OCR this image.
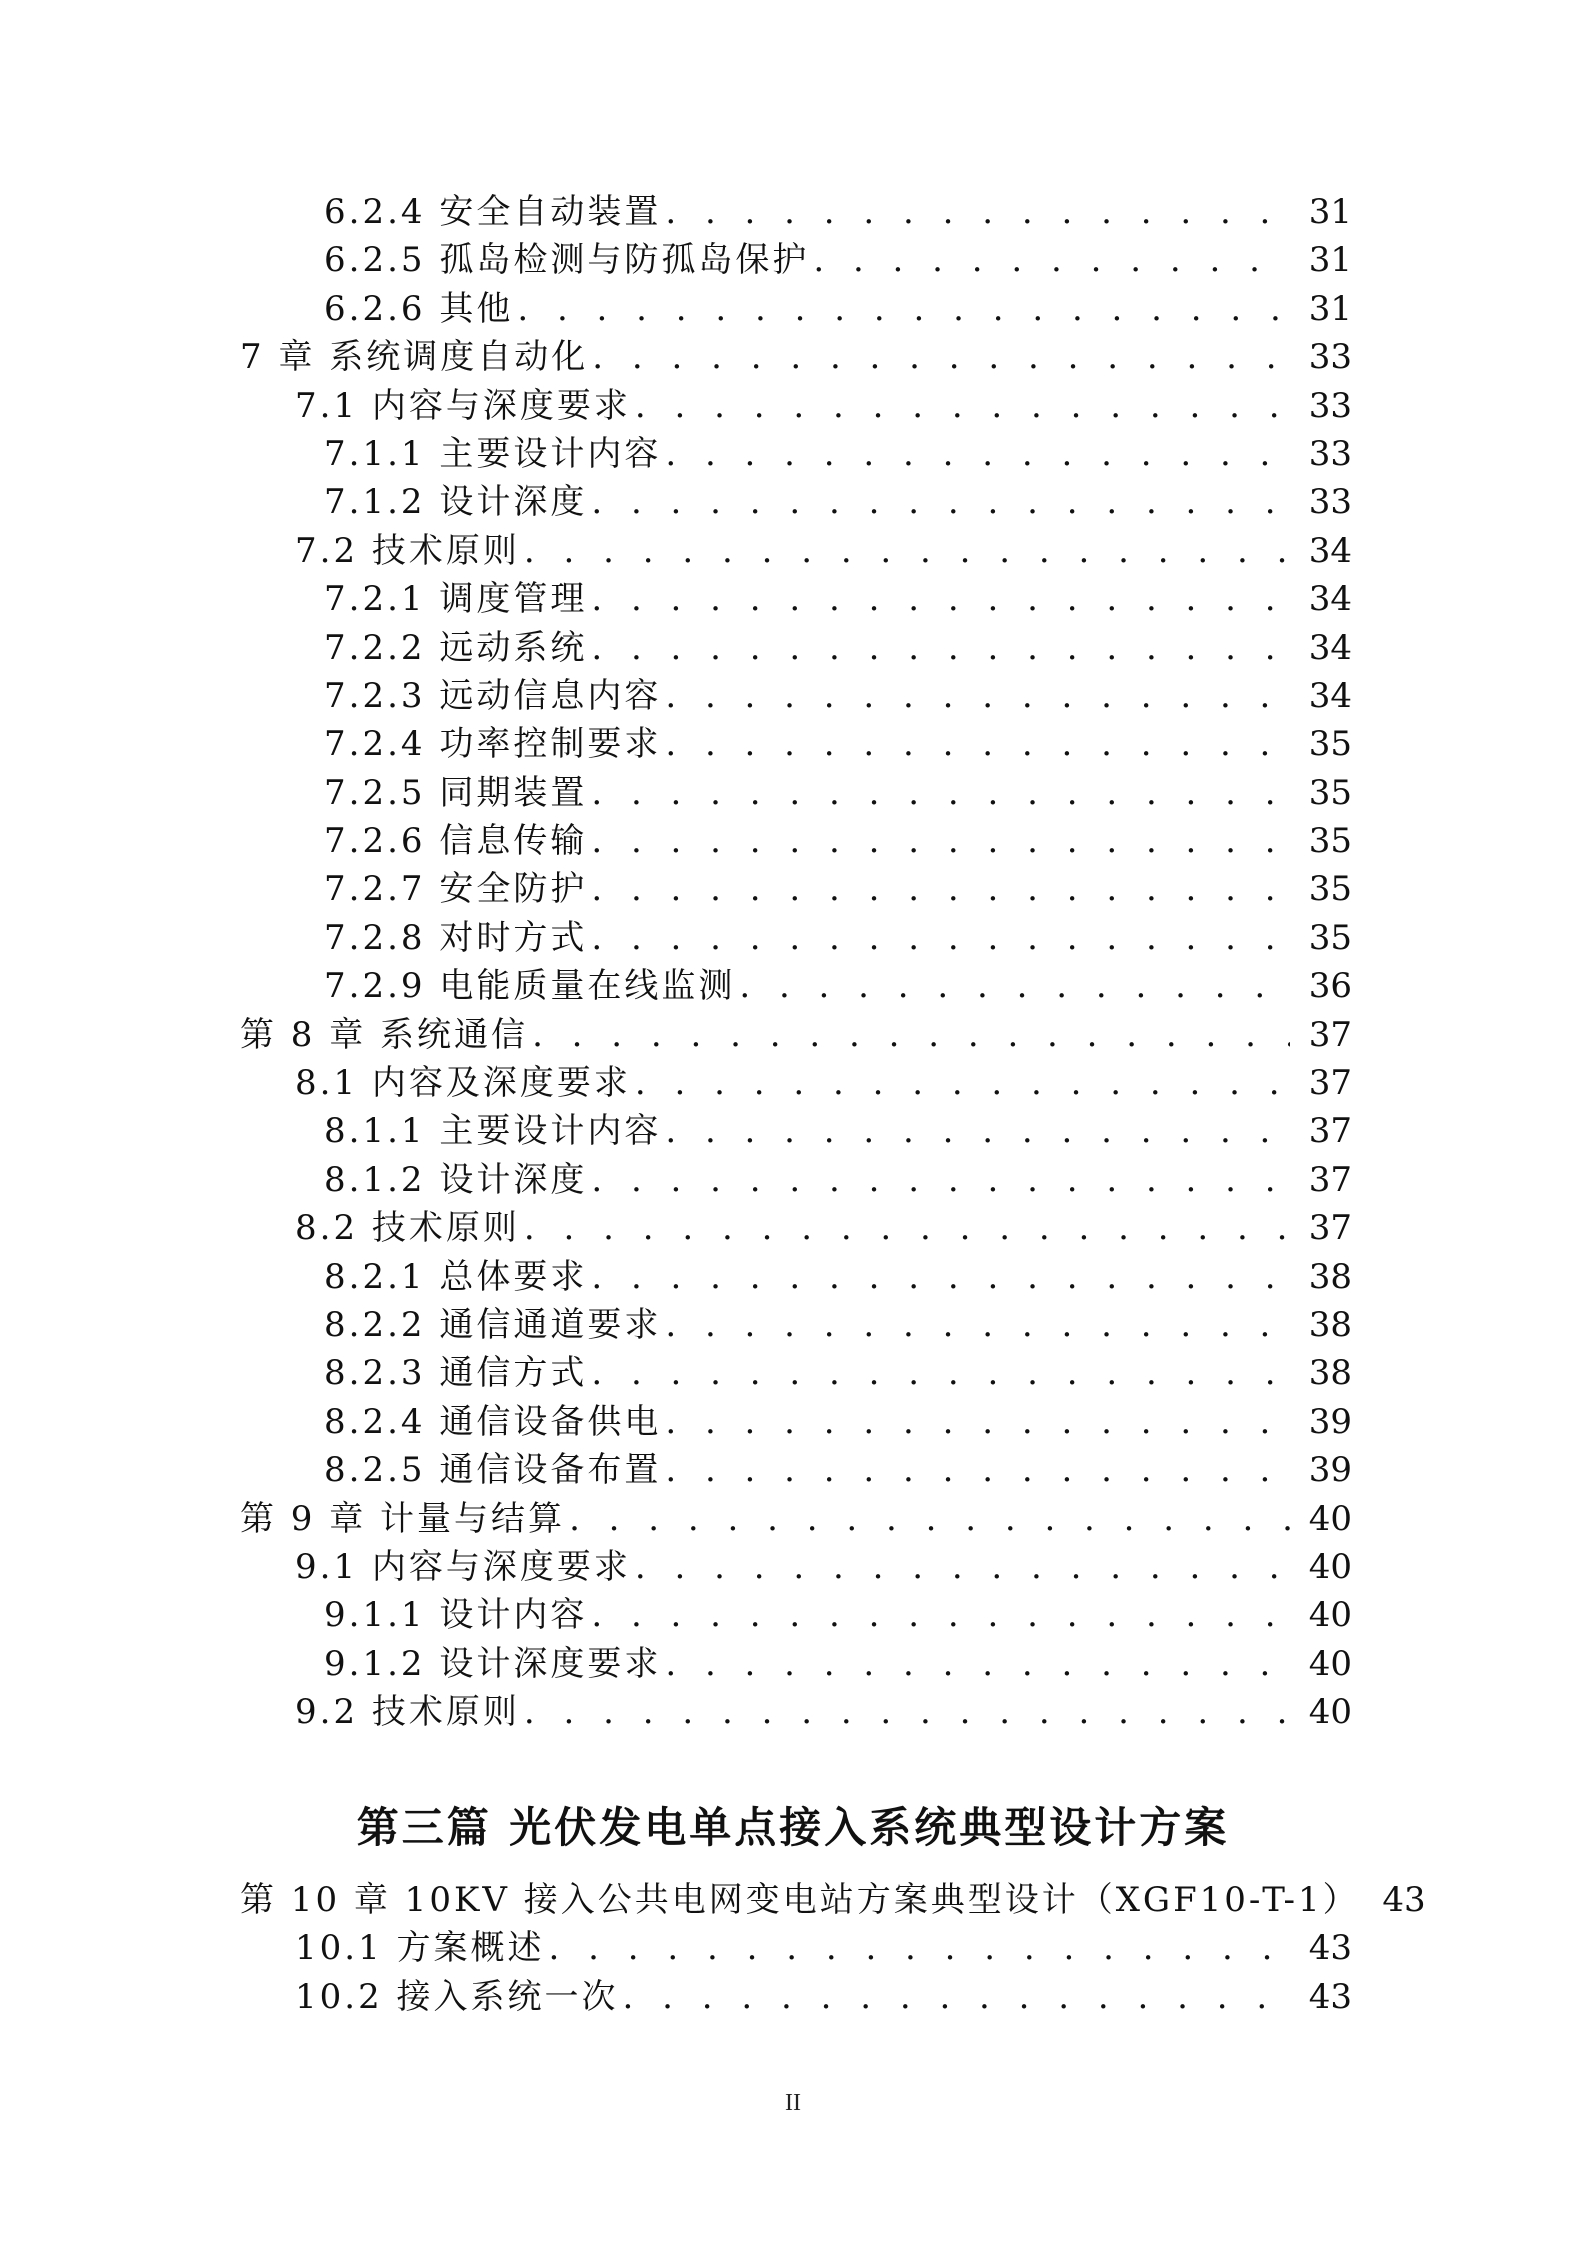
6.2.4 安全自动装置 . . .	31
6.2.5 孤岛检测与防孤岛保护 . . .	31
6.2.6 其他 . . .	31
7 章 系统调度自动化 . . .	33
7.1 内容与深度要求 . . .	33
7.1.1 主要设计内容 . . .	33
7.1.2 设计深度 . . .	33
7.2 技术原则 . . .	34
7.2.1 调度管理 . . .	34
7.2.2 远动系统 . . .	34
7.2.3 远动信息内容 . . .	34
7.2.4 功率控制要求 . . .	35
7.2.5 同期装置 . . .	35
7.2.6 信息传输 . . .	35
7.2.7 安全防护 . . .	35
7.2.8 对时方式 . . .	35
7.2.9 电能质量在线监测 . . .	36
第 8 章 系统通信 . . .	37
8.1 内容及深度要求 . . .	37
8.1.1 主要设计内容 . . .	37
8.1.2 设计深度 . . .	37
8.2 技术原则 . . .	37
8.2.1 总体要求 . . .	38
8.2.2 通信通道要求 . . .	38
8.2.3 通信方式 . . .	38
8.2.4 通信设备供电 . . .	39
8.2.5 通信设备布置 . . .	39
第 9 章 计量与结算 . . .	40
9.1 内容与深度要求 . . .	40
9.1.1 设计内容 . . .	40
9.1.2 设计深度要求 . . .	40
9.2 技术原则 . . .	40
第三篇 光伏发电单点接入系统典型设计方案
第 10 章 10KV 接入公共电网变电站方案典型设计（XGF10-T-1） 43
10.1 方案概述 . . .	43
10.2 接入系统一次 . . .	43
II
